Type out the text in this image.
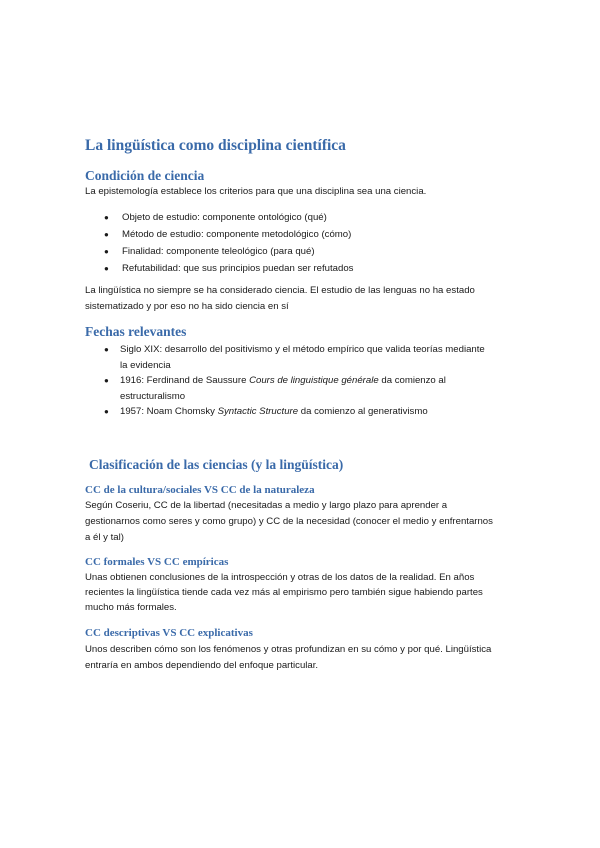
La lingüística como disciplina científica
Condición de ciencia

La epistemología establece los criterios para que una disciplina sea una ciencia.

●	Objeto de estudio: componente ontológico (qué)
●	Método de estudio: componente metodológico (cómo)
●	Finalidad: componente teleológico (para qué)
●	Refutabilidad: que sus principios puedan ser refutados

La lingüística no siempre se ha considerado ciencia. El estudio de las lenguas no ha estado

sistematizado y por eso no ha sido ciencia en sí

Fechas relevantes
●	Siglo XIX: desarrollo del positivismo y el método empírico que valida teorías mediante
la evidencia
●	1916: Ferdinand de Saussure Cours de linguistique générale da comienzo al
estructuralismo
●	1957: Noam Chomsky Syntactic Structure da comienzo al generativismo
Clasificación de las ciencias (y la lingüística)
CC de la cultura/sociales VS CC de la naturaleza

Según Coseriu, CC de la libertad (necesitadas a medio y largo plazo para aprender a

gestionarnos como seres y como grupo) y CC de la necesidad (conocer el medio y enfrentarnos

a él y tal)

CC formales VS CC empíricas

Unas obtienen conclusiones de la introspección y otras de los datos de la realidad. En años

recientes la lingüística tiende cada vez más al empirismo pero también sigue habiendo partes

mucho más formales.

CC descriptivas VS CC explicativas

Unos describen cómo son los fenómenos y otras profundizan en su cómo y por qué. Lingüística

entraría en ambos dependiendo del enfoque particular.
